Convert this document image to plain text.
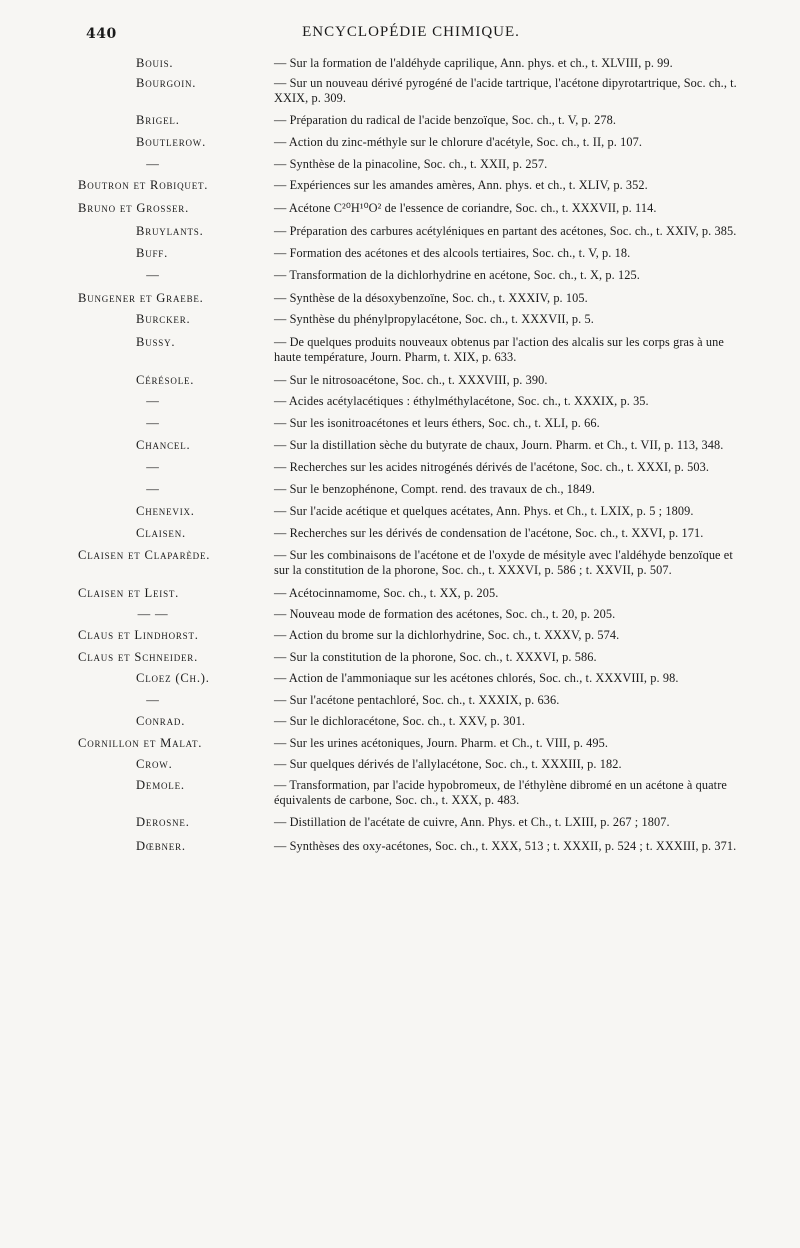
440	ENCYCLOPÉDIE CHIMIQUE.
Bouis.	— Sur la formation de l'aldéhyde caprilique, Ann. phys. et ch., t. XLVIII, p. 99.
Bourgoin.	— Sur un nouveau dérivé pyrogéné de l'acide tartrique, l'acétone dipyrotartrique, Soc. ch., t. XXIX, p. 309.
Brigel.	— Préparation du radical de l'acide benzoïque, Soc. ch., t. V, p. 278.
Boutlerow.	— Action du zinc-méthyle sur le chlorure d'acétyle, Soc. ch., t. II, p. 107.
—	— Synthèse de la pinacoline, Soc. ch., t. XXII, p. 257.
Boutron et Robiquet.	— Expériences sur les amandes amères, Ann. phys. et ch., t. XLIV, p. 352.
Bruno et Grosser.	— Acétone C²⁰H¹⁰O² de l'essence de coriandre, Soc. ch., t. XXXVII, p. 114.
Bruylants.	— Préparation des carbures acétyléniques en partant des acétones, Soc. ch., t. XXIV, p. 385.
Buff.	— Formation des acétones et des alcools tertiaires, Soc. ch., t. V, p. 18.
—	— Transformation de la dichlorhydrine en acétone, Soc. ch., t. X, p. 125.
Bungener et Graebe.	— Synthèse de la désoxybenzoïne, Soc. ch., t. XXXIV, p. 105.
Burcker.	— Synthèse du phénylpropylacétone, Soc. ch., t. XXXVII, p. 5.
Bussy.	— De quelques produits nouveaux obtenus par l'action des alcalis sur les corps gras à une haute température, Journ. Pharm, t. XIX, p. 633.
Cérésole.	— Sur le nitrosoacétone, Soc. ch., t. XXXVIII, p. 390.
—	— Acides acétylacétiques : éthylméthylacétone, Soc. ch., t. XXXIX, p. 35.
—	— Sur les isonitroacétones et leurs éthers, Soc. ch., t. XLI, p. 66.
Chancel.	— Sur la distillation sèche du butyrate de chaux, Journ. Pharm. et Ch., t. VII, p. 113, 348.
—	— Recherches sur les acides nitrogénés dérivés de l'acétone, Soc. ch., t. XXXI, p. 503.
—	— Sur le benzophénone, Compt. rend. des travaux de ch., 1849.
Chenevix.	— Sur l'acide acétique et quelques acétates, Ann. Phys. et Ch., t. LXIX, p. 5 ; 1809.
Claisen.	— Recherches sur les dérivés de condensation de l'acétone, Soc. ch., t. XXVI, p. 171.
Claisen et Claparède.	— Sur les combinaisons de l'acétone et de l'oxyde de mésityle avec l'aldéhyde benzoïque et sur la constitution de la phorone, Soc. ch., t. XXXVI, p. 586 ; t. XXVII, p. 507.
Claisen et Leist.	— Acétocinnamome, Soc. ch., t. XX, p. 205.
— —	— Nouveau mode de formation des acétones, Soc. ch., t. 20, p. 205.
Claus et Lindhorst.	— Action du brome sur la dichlorhydrine, Soc. ch., t. XXXV, p. 574.
Claus et Schneider.	— Sur la constitution de la phorone, Soc. ch., t. XXXVI, p. 586.
Cloez (Ch.).	— Action de l'ammoniaque sur les acétones chlorés, Soc. ch., t. XXXVIII, p. 98.
—	— Sur l'acétone pentachloré, Soc. ch., t. XXXIX, p. 636.
Conrad.	— Sur le dichloracétone, Soc. ch., t. XXV, p. 301.
Cornillon et Malat.	— Sur les urines acétoniques, Journ. Pharm. et Ch., t. VIII, p. 495.
Crow.	— Sur quelques dérivés de l'allylacétone, Soc. ch., t. XXXIII, p. 182.
Demole.	— Transformation, par l'acide hypobromeux, de l'éthylène dibromé en un acétone à quatre équivalents de carbone, Soc. ch., t. XXX, p. 483.
Derosne.	— Distillation de l'acétate de cuivre, Ann. Phys. et Ch., t. LXIII, p. 267 ; 1807.
Dœbner.	— Synthèses des oxy-acétones, Soc. ch., t. XXX, 513 ; t. XXXII, p. 524 ; t. XXXIII, p. 371.
